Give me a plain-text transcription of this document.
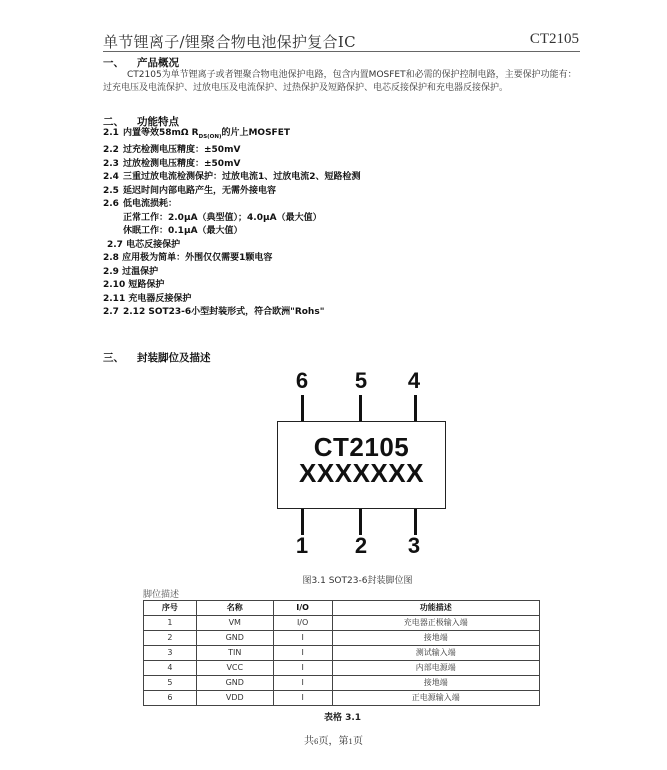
单节锂离子/锂聚合物电池保护复合IC	CT2105
一、 产品概况
CT2105为单节锂离子或者锂聚合物电池保护电路，包含内置MOSFET和必需的保护控制电路，主要保护功能有：过充电压及电流保护、过放电压及电流保护、过热保护及短路保护、电芯反接保护和充电器反接保护。
二、 功能特点
2.1 内置等效58mΩ $R_{DS(ON)}$的片上MOSFET
2.2 过充检测电压精度：±50mV
2.3 过放检测电压精度：±50mV
2.4 三重过放电流检测保护：过放电流1、过放电流2、短路检测
2.5 延迟时间内部电路产生，无需外接电容
2.6 低电流损耗：
正常工作：2.0μA（典型值）；4.0μA（最大值）
休眠工作：0.1μA（最大值）
2.7 电芯反接保护
2.8 应用极为简单：外围仅仅需要1颗电容
2.9 过温保护
2.10 短路保护
2.11 充电器反接保护
2.7 2.12 SOT23-6小型封装形式，符合欧洲"Rohs"
三、 封装脚位及描述
6 5 4
CT2105
XXXXXXX
1 2 3
图3.1 SOT23-6封装脚位图
脚位描述
序号	名称	I/O	功能描述
1	VM	I/O	充电器正极输入端
2	GND	I	接地端
3	TIN	I	测试输入端
4	VCC	I	内部电源端
5	GND	I	接地端
6	VDD	I	正电源输入端
表格 3.1
共6页，第1页
